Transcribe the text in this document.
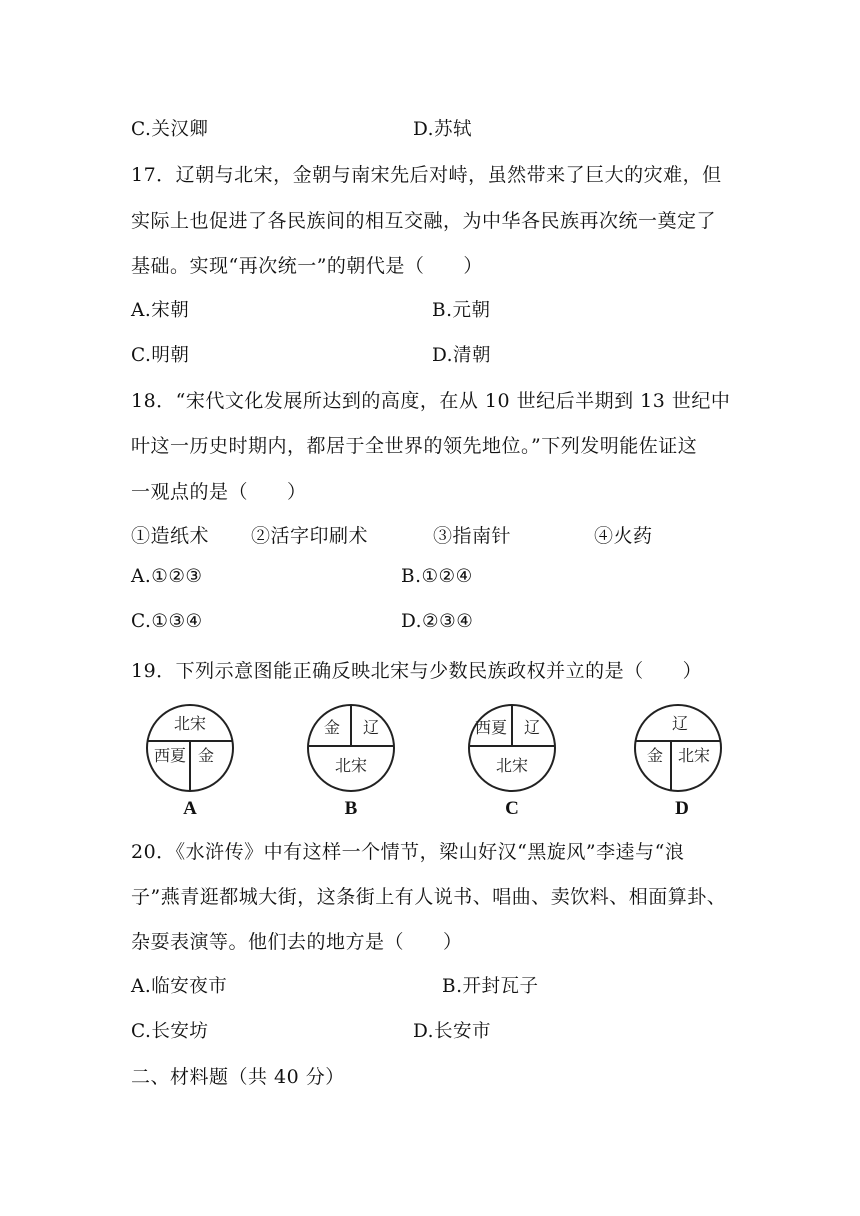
C.关汉卿	D.苏轼
17．辽朝与北宋，金朝与南宋先后对峙，虽然带来了巨大的灾难，但
实际上也促进了各民族间的相互交融，为中华各民族再次统一奠定了
基础。实现“再次统一”的朝代是（　　）
A.宋朝	B.元朝
C.明朝	D.清朝
18．“宋代文化发展所达到的高度，在从 10 世纪后半期到 13 世纪中
叶这一历史时期内，都居于全世界的领先地位。”下列发明能佐证这
一观点的是（　　）
①造纸术 ②活字印刷术	③指南针	④火药
A.①②③	B.①②④
C.①③④	D.②③④
19．下列示意图能正确反映北宋与少数民族政权并立的是（　　）
北宋
西夏 金
A
金 辽
北宋
B
西夏 辽
北宋
C
辽
金 北宋
D
20．《水浒传》中有这样一个情节，梁山好汉“黑旋风”李逵与“浪
子”燕青逛都城大街，这条街上有人说书、唱曲、卖饮料、相面算卦、
杂耍表演等。他们去的地方是（　　）
A.临安夜市	B.开封瓦子
C.长安坊	D.长安市
二、材料题（共 40 分）
